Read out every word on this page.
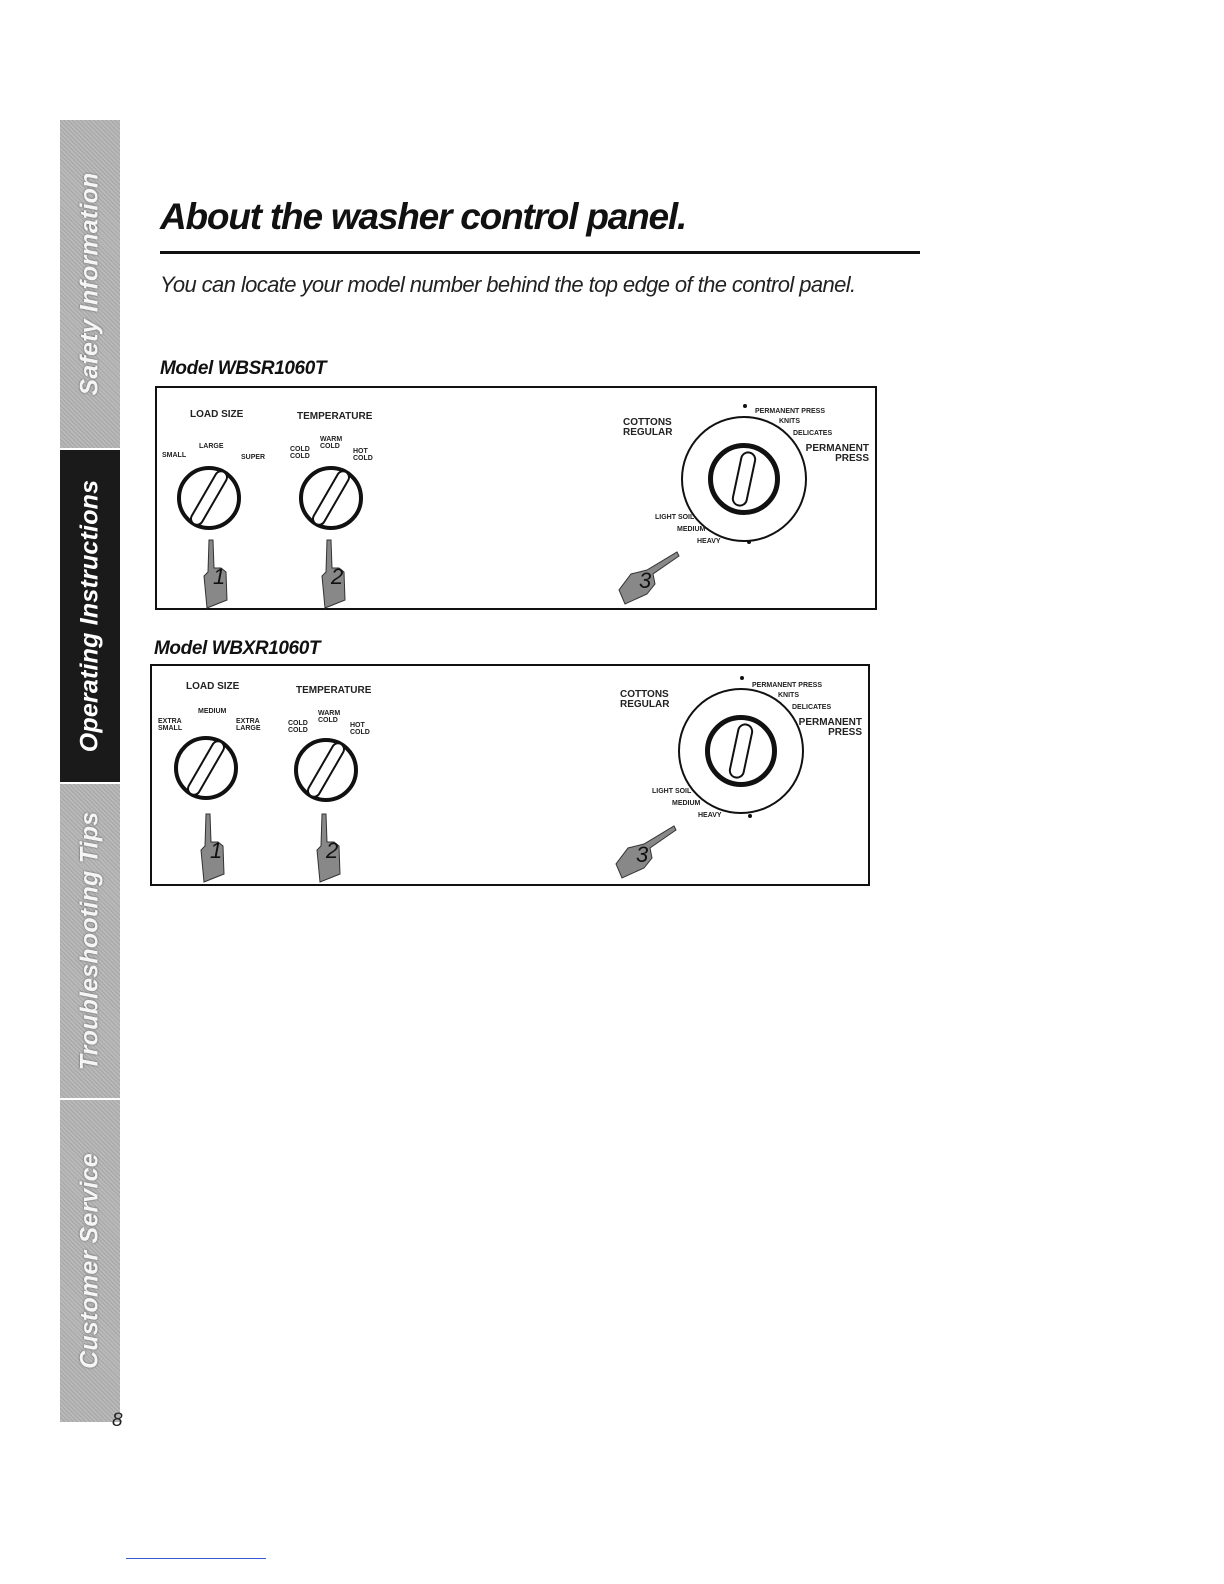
Safety Information
Operating Instructions
Troubleshooting Tips
Customer Service
8
About the washer control panel.

You can locate your model number behind the top edge of the control panel.

Model WBSR1060T
LOAD SIZE
SMALL
LARGE
SUPER
TEMPERATURE
COLD COLD
WARM COLD
HOT COLD
1	2
COTTONS REGULAR
PERMANENT PRESS
KNITS
DELICATES
PERMANENT PRESS
LIGHT SOIL
MEDIUM
HEAVY
3
Model WBXR1060T
LOAD SIZE
EXTRA SMALL
MEDIUM
EXTRA LARGE
TEMPERATURE
COLD COLD
WARM COLD
HOT COLD
1	2
COTTONS REGULAR
PERMANENT PRESS
KNITS
DELICATES
PERMANENT PRESS
LIGHT SOIL
MEDIUM
HEAVY
3
